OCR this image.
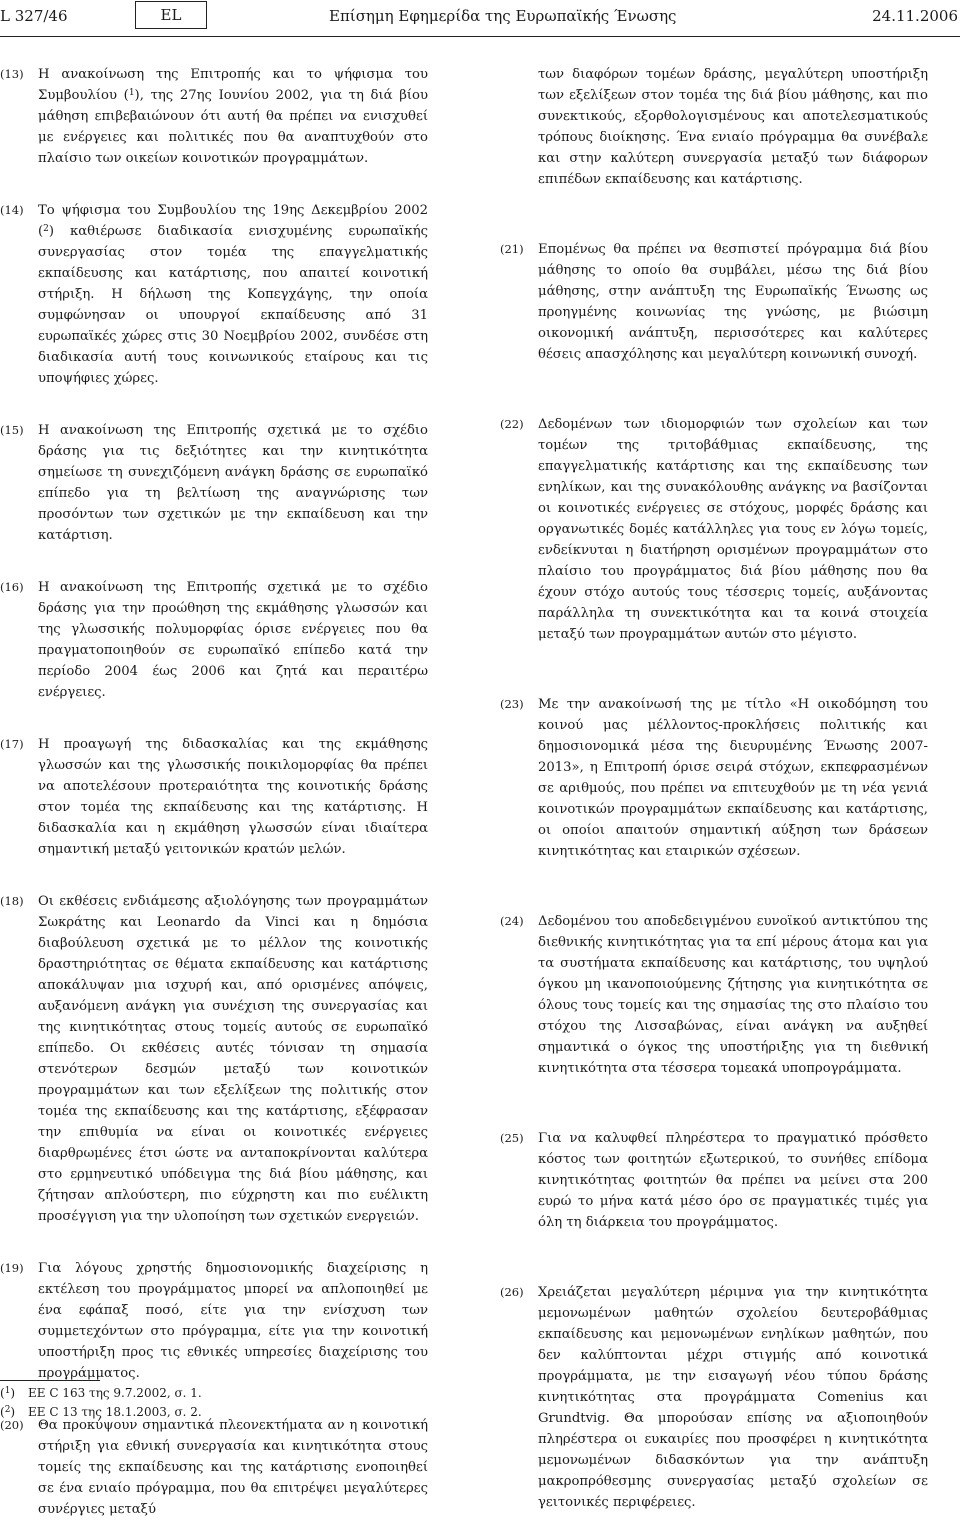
L 327/46	EL	Επίσημη Εφημερίδα της Ευρωπαϊκής Ένωσης	24.11.2006

(13) Η ανακοίνωση της Επιτροπής και το ψήφισμα του Συμβουλίου ($^1$), της 27ης Ιουνίου 2002, για τη διά βίου μάθηση επιβεβαιώνουν ότι αυτή θα πρέπει να ενισχυθεί με ενέργειες και πολιτικές που θα αναπτυχθούν στο πλαίσιο των οικείων κοινοτικών προγραμμάτων.

(14) Το ψήφισμα του Συμβουλίου της 19ης Δεκεμβρίου 2002 ($^2$) καθιέρωσε διαδικασία ενισχυμένης ευρωπαϊκής συνεργασίας στον τομέα της επαγγελματικής εκπαίδευσης και κατάρτισης, που απαιτεί κοινοτική στήριξη. Η δήλωση της Κοπεγχάγης, την οποία συμφώνησαν οι υπουργοί εκπαίδευσης από 31 ευρωπαϊκές χώρες στις 30 Νοεμβρίου 2002, συνδέσε στη διαδικασία αυτή τους κοινωνικούς εταίρους και τις υποψήφιες χώρες.

(15) Η ανακοίνωση της Επιτροπής σχετικά με το σχέδιο δράσης για τις δεξιότητες και την κινητικότητα σημείωσε τη συνεχιζόμενη ανάγκη δράσης σε ευρωπαϊκό επίπεδο για τη βελτίωση της αναγνώρισης των προσόντων των σχετικών με την εκπαίδευση και την κατάρτιση.

(16) Η ανακοίνωση της Επιτροπής σχετικά με το σχέδιο δράσης για την προώθηση της εκμάθησης γλωσσών και της γλωσσικής πολυμορφίας όρισε ενέργειες που θα πραγματοποιηθούν σε ευρωπαϊκό επίπεδο κατά την περίοδο 2004 έως 2006 και ζητά και περαιτέρω ενέργειες.

(17) Η προαγωγή της διδασκαλίας και της εκμάθησης γλωσσών και της γλωσσικής ποικιλομορφίας θα πρέπει να αποτελέσουν προτεραιότητα της κοινοτικής δράσης στον τομέα της εκπαίδευσης και της κατάρτισης. Η διδασκαλία και η εκμάθηση γλωσσών είναι ιδιαίτερα σημαντική μεταξύ γειτονικών κρατών μελών.

(18) Οι εκθέσεις ενδιάμεσης αξιολόγησης των προγραμμάτων Σωκράτης και Leonardo da Vinci και η δημόσια διαβούλευση σχετικά με το μέλλον της κοινοτικής δραστηριότητας σε θέματα εκπαίδευσης και κατάρτισης αποκάλυψαν μια ισχυρή και, από ορισμένες απόψεις, αυξανόμενη ανάγκη για συνέχιση της συνεργασίας και της κινητικότητας στους τομείς αυτούς σε ευρωπαϊκό επίπεδο. Οι εκθέσεις αυτές τόνισαν τη σημασία στενότερων δεσμών μεταξύ των κοινοτικών προγραμμάτων και των εξελίξεων της πολιτικής στον τομέα της εκπαίδευσης και της κατάρτισης, εξέφρασαν την επιθυμία να είναι οι κοινοτικές ενέργειες διαρθρωμένες έτσι ώστε να ανταποκρίνονται καλύτερα στο ερμηνευτικό υπόδειγμα της διά βίου μάθησης, και ζήτησαν απλούστερη, πιο εύχρηστη και πιο ευέλικτη προσέγγιση για την υλοποίηση των σχετικών ενεργειών.

(19) Για λόγους χρηστής δημοσιονομικής διαχείρισης η εκτέλεση του προγράμματος μπορεί να απλοποιηθεί με ένα εφάπαξ ποσό, είτε για την ενίσχυση των συμμετεχόντων στο πρόγραμμα, είτε για την κοινοτική υποστήριξη προς τις εθνικές υπηρεσίες διαχείρισης του προγράμματος.

(20) Θα προκύψουν σημαντικά πλεονεκτήματα αν η κοινοτική στήριξη για εθνική συνεργασία και κινητικότητα στους τομείς της εκπαίδευσης και της κατάρτισης ενοποιηθεί σε ένα ενιαίο πρόγραμμα, που θα επιτρέψει μεγαλύτερες συνέργιες μεταξύ

των διαφόρων τομέων δράσης, μεγαλύτερη υποστήριξη των εξελίξεων στον τομέα της διά βίου μάθησης, και πιο συνεκτικούς, εξορθολογισμένους και αποτελεσματικούς τρόπους διοίκησης. Ένα ενιαίο πρόγραμμα θα συνέβαλε και στην καλύτερη συνεργασία μεταξύ των διάφορων επιπέδων εκπαίδευσης και κατάρτισης.

(21) Επομένως θα πρέπει να θεσπιστεί πρόγραμμα διά βίου μάθησης το οποίο θα συμβάλει, μέσω της διά βίου μάθησης, στην ανάπτυξη της Ευρωπαϊκής Ένωσης ως προηγμένης κοινωνίας της γνώσης, με βιώσιμη οικονομική ανάπτυξη, περισσότερες και καλύτερες θέσεις απασχόλησης και μεγαλύτερη κοινωνική συνοχή.

(22) Δεδομένων των ιδιομορφιών των σχολείων και των τομέων της τριτοβάθμιας εκπαίδευσης, της επαγγελματικής κατάρτισης και της εκπαίδευσης των ενηλίκων, και της συνακόλουθης ανάγκης να βασίζονται οι κοινοτικές ενέργειες σε στόχους, μορφές δράσης και οργανωτικές δομές κατάλληλες για τους εν λόγω τομείς, ενδείκνυται η διατήρηση ορισμένων προγραμμάτων στο πλαίσιο του προγράμματος διά βίου μάθησης που θα έχουν στόχο αυτούς τους τέσσερις τομείς, αυξάνοντας παράλληλα τη συνεκτικότητα και τα κοινά στοιχεία μεταξύ των προγραμμάτων αυτών στο μέγιστο.

(23) Με την ανακοίνωσή της με τίτλο «Η οικοδόμηση του κοινού μας μέλλοντος-προκλήσεις πολιτικής και δημοσιονομικά μέσα της διευρυμένης Ένωσης 2007-2013», η Επιτροπή όρισε σειρά στόχων, εκπεφρασμένων σε αριθμούς, που πρέπει να επιτευχθούν με τη νέα γενιά κοινοτικών προγραμμάτων εκπαίδευσης και κατάρτισης, οι οποίοι απαιτούν σημαντική αύξηση των δράσεων κινητικότητας και εταιρικών σχέσεων.

(24) Δεδομένου του αποδεδειγμένου ευνοϊκού αντικτύπου της διεθνικής κινητικότητας για τα επί μέρους άτομα και για τα συστήματα εκπαίδευσης και κατάρτισης, του υψηλού όγκου μη ικανοποιούμενης ζήτησης για κινητικότητα σε όλους τους τομείς και της σημασίας της στο πλαίσιο του στόχου της Λισσαβώνας, είναι ανάγκη να αυξηθεί σημαντικά ο όγκος της υποστήριξης για τη διεθνική κινητικότητα στα τέσσερα τομεακά υποπρογράμματα.

(25) Για να καλυφθεί πληρέστερα το πραγματικό πρόσθετο κόστος των φοιτητών εξωτερικού, το συνήθες επίδομα κινητικότητας φοιτητών θα πρέπει να μείνει στα 200 ευρώ το μήνα κατά μέσο όρο σε πραγματικές τιμές για όλη τη διάρκεια του προγράμματος.

(26) Χρειάζεται μεγαλύτερη μέριμνα για την κινητικότητα μεμονωμένων μαθητών σχολείου δευτεροβάθμιας εκπαίδευσης και μεμονωμένων ενηλίκων μαθητών, που δεν καλύπτονται μέχρι στιγμής από κοινοτικά προγράμματα, με την εισαγωγή νέου τύπου δράσης κινητικότητας στα προγράμματα Comenius και Grundtvig. Θα μπορούσαν επίσης να αξιοποιηθούν πληρέστερα οι ευκαιρίες που προσφέρει η κινητικότητα μεμονωμένων διδασκόντων για την ανάπτυξη μακροπρόθεσμης συνεργασίας μεταξύ σχολείων σε γειτονικές περιφέρειες.

($^1$) ΕΕ C 163 της 9.7.2002, σ. 1.
($^2$) ΕΕ C 13 της 18.1.2003, σ. 2.
